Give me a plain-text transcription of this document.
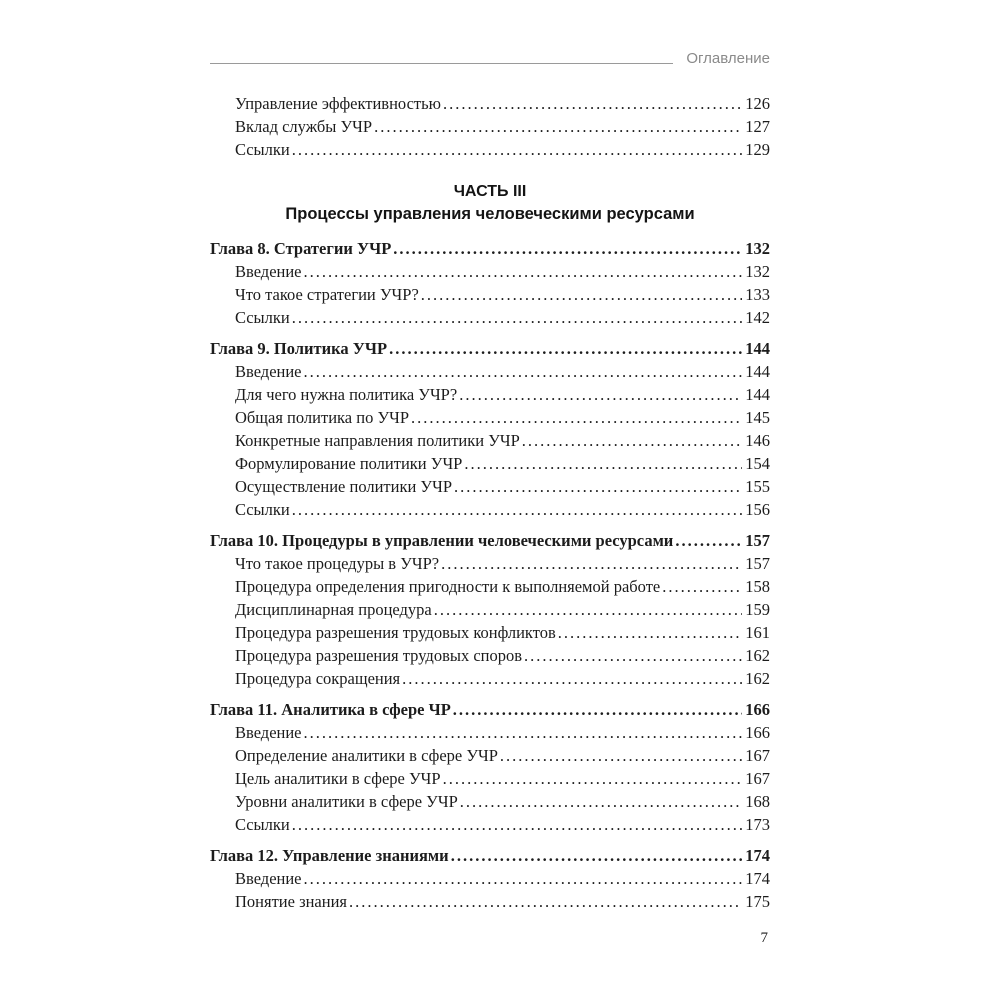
Оглавление
Управление эффективностью .....	126
Вклад службы УЧР .....	127
Ссылки .....	129
ЧАСТЬ III
Процессы управления человеческими ресурсами
Глава 8. Стратегии УЧР .....	132
Введение .....	132
Что такое стратегии УЧР? .....	133
Ссылки .....	142
Глава 9. Политика УЧР .....	144
Введение .....	144
Для чего нужна политика УЧР? .....	144
Общая политика по УЧР .....	145
Конкретные направления политики УЧР .....	146
Формулирование политики УЧР .....	154
Осуществление политики УЧР .....	155
Ссылки .....	156
Глава 10. Процедуры в управлении человеческими ресурсами .....	157
Что такое процедуры в УЧР? .....	157
Процедура определения пригодности к выполняемой работе .....	158
Дисциплинарная процедура .....	159
Процедура разрешения трудовых конфликтов .....	161
Процедура разрешения трудовых споров .....	162
Процедура сокращения .....	162
Глава 11. Аналитика в сфере ЧР .....	166
Введение .....	166
Определение аналитики в сфере УЧР .....	167
Цель аналитики в сфере УЧР .....	167
Уровни аналитики в сфере УЧР .....	168
Ссылки .....	173
Глава 12. Управление знаниями .....	174
Введение .....	174
Понятие знания .....	175
7
